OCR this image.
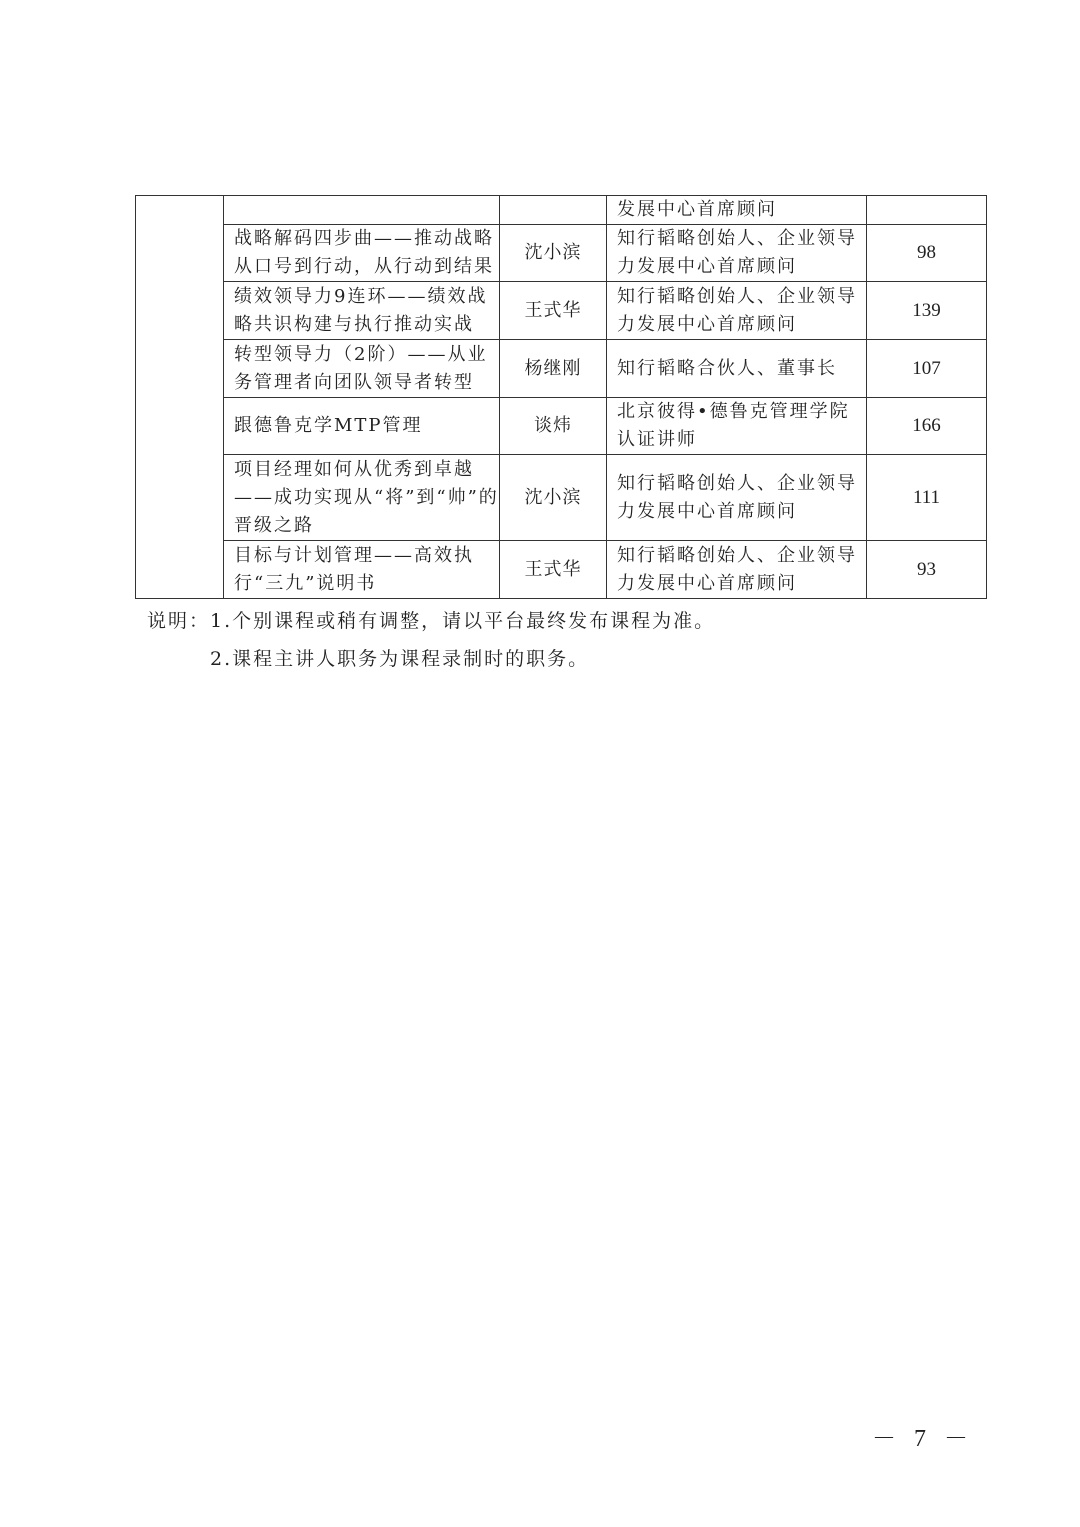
			发展中心首席顾问	
	战略解码四步曲——推动战略从口号到行动，从行动到结果	沈小滨	知行韬略创始人、企业领导力发展中心首席顾问	98
	绩效领导力9连环——绩效战略共识构建与执行推动实战	王式华	知行韬略创始人、企业领导力发展中心首席顾问	139
	转型领导力（2阶）——从业务管理者向团队领导者转型	杨继刚	知行韬略合伙人、董事长	107
	跟德鲁克学MTP管理	谈炜	北京彼得•德鲁克管理学院认证讲师	166
	项目经理如何从优秀到卓越——成功实现从“将”到“帅”的晋级之路	沈小滨	知行韬略创始人、企业领导力发展中心首席顾问	111
	目标与计划管理——高效执行“三九”说明书	王式华	知行韬略创始人、企业领导力发展中心首席顾问	93
说明：1.个别课程或稍有调整，请以平台最终发布课程为准。
2.课程主讲人职务为课程录制时的职务。
－ 7 －
